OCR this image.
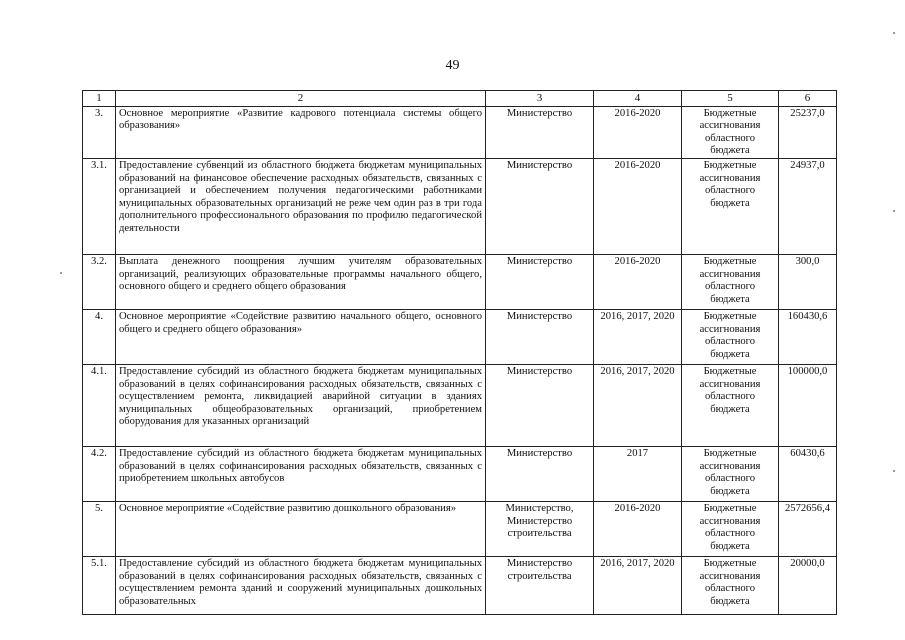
49
1	2	3	4	5	6
3.	Основное мероприятие «Развитие кадрового потенциала системы общего образования»	Министерство	2016-2020	Бюджетные ассигнования областного бюджета	25237,0
3.1.	Предоставление субвенций из областного бюджета бюджетам муниципальных образований на финансовое обеспечение расходных обязательств, связанных с организацией и обеспечением получения педагогическими работниками муниципальных образовательных организаций не реже чем один раз в три года дополнительного профессионального образования по профилю педагогической деятельности	Министерство	2016-2020	Бюджетные ассигнования областного бюджета	24937,0
3.2.	Выплата денежного поощрения лучшим учителям образовательных организаций, реализующих образовательные программы начального общего, основного общего и среднего общего образования	Министерство	2016-2020	Бюджетные ассигнования областного бюджета	300,0
4.	Основное мероприятие «Содействие развитию начального общего, основного общего и среднего общего образования»	Министерство	2016, 2017, 2020	Бюджетные ассигнования областного бюджета	160430,6
4.1.	Предоставление субсидий из областного бюджета бюджетам муниципальных образований в целях софинансирования расходных обязательств, связанных с осуществлением ремонта, ликвидацией аварийной ситуации в зданиях муниципальных общеобразовательных организаций, приобретением оборудования для указанных организаций	Министерство	2016, 2017, 2020	Бюджетные ассигнования областного бюджета	100000,0
4.2.	Предоставление субсидий из областного бюджета бюджетам муниципальных образований в целях софинансирования расходных обязательств, связанных с приобретением школьных автобусов	Министерство	2017	Бюджетные ассигнования областного бюджета	60430,6
5.	Основное мероприятие «Содействие развитию дошкольного образования»	Министерство, Министерство строительства	2016-2020	Бюджетные ассигнования областного бюджета	2572656,4
5.1.	Предоставление субсидий из областного бюджета бюджетам муниципальных образований в целях софинансирования расходных обязательств, связанных с осуществлением ремонта зданий и сооружений муниципальных дошкольных образовательных	Министерство строительства	2016, 2017, 2020	Бюджетные ассигнования областного бюджета	20000,0
